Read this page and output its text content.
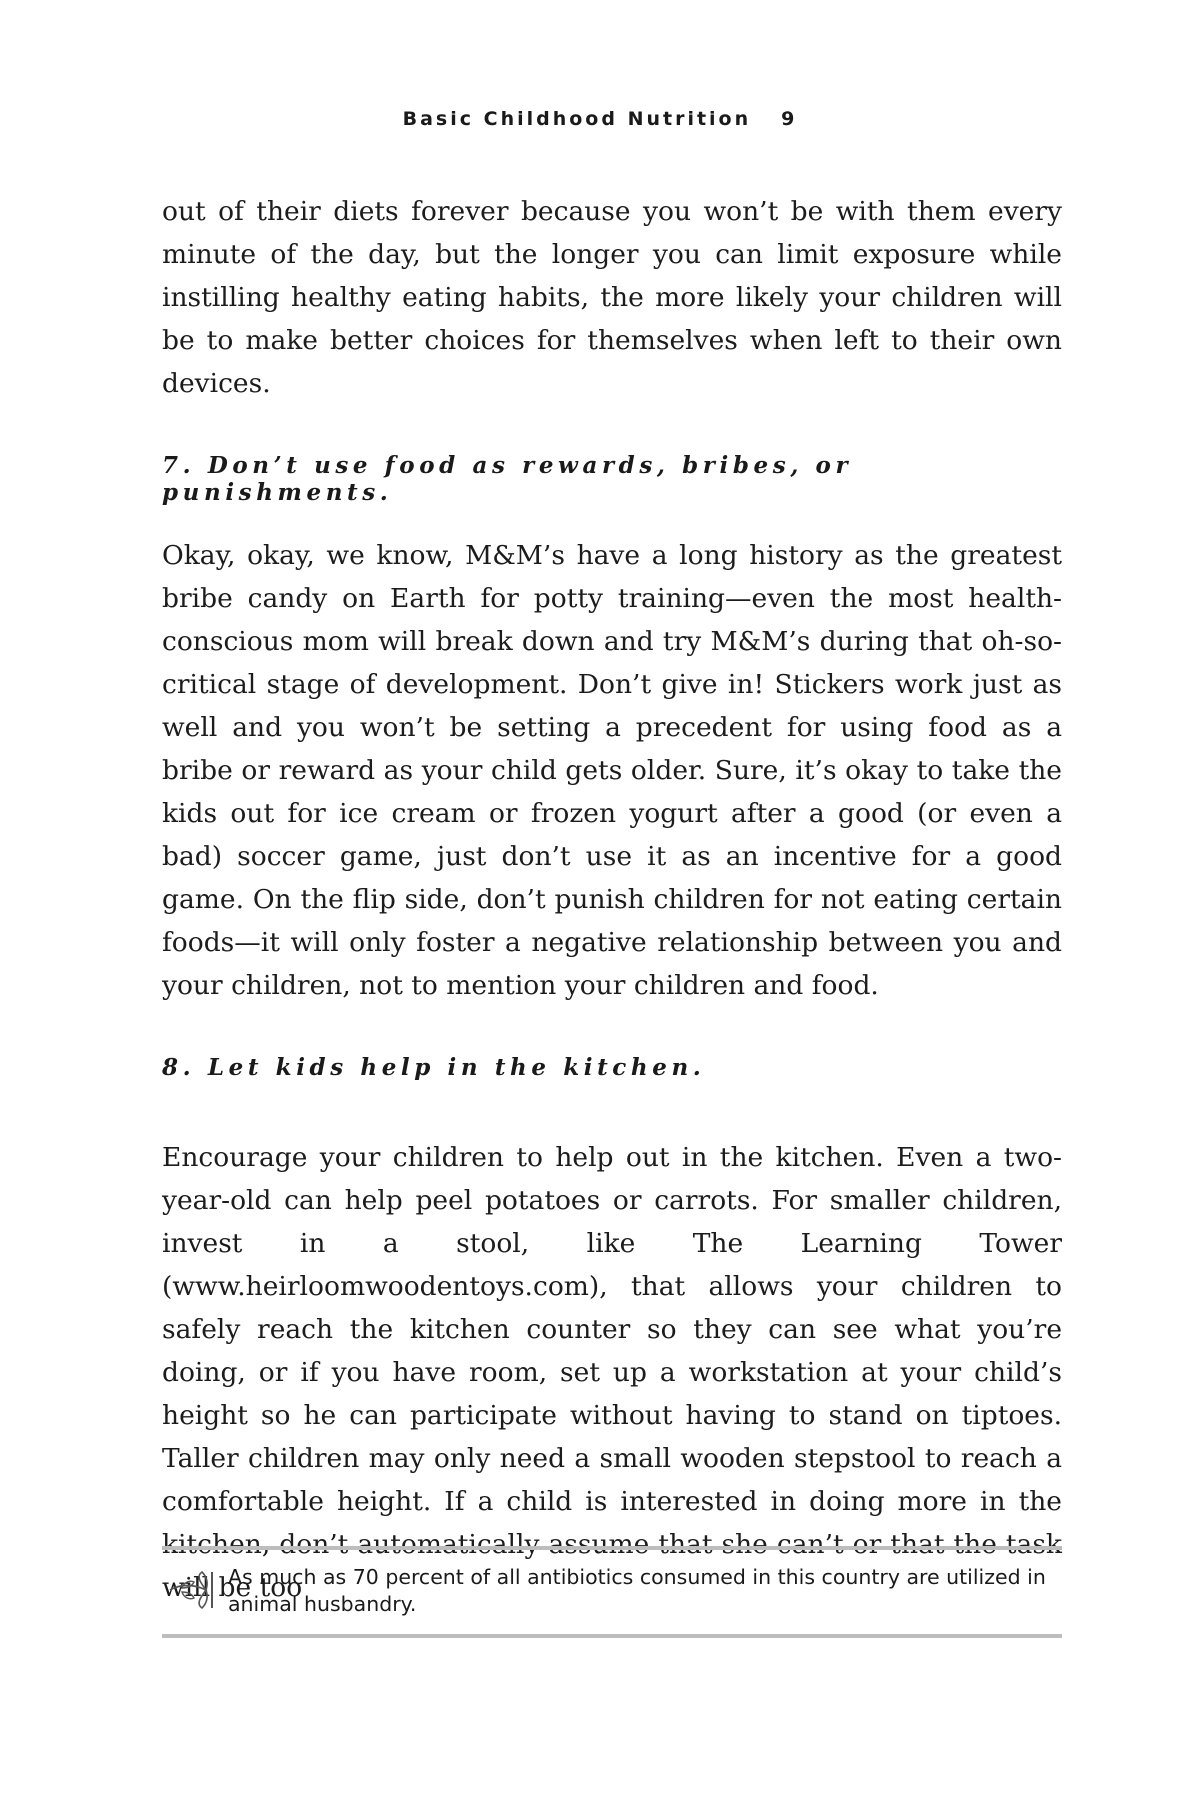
Basic Childhood Nutrition 9

out of their diets forever because you won’t be with them every minute of the day, but the longer you can limit exposure while instilling healthy eating habits, the more likely your children will be to make better choices for themselves when left to their own devices.

7. Don’t use food as rewards, bribes, or punishments.

Okay, okay, we know, M&M’s have a long history as the greatest bribe candy on Earth for potty training—even the most health-conscious mom will break down and try M&M’s during that oh-so-critical stage of development. Don’t give in! Stickers work just as well and you won’t be setting a precedent for using food as a bribe or reward as your child gets older. Sure, it’s okay to take the kids out for ice cream or frozen yogurt after a good (or even a bad) soccer game, just don’t use it as an incentive for a good game. On the flip side, don’t punish children for not eating certain foods—it will only foster a negative relationship between you and your children, not to mention your children and food.

8. Let kids help in the kitchen.

Encourage your children to help out in the kitchen. Even a two-year-old can help peel potatoes or carrots. For smaller children, invest in a stool, like The Learning Tower (www.heirloomwoodentoys.com), that allows your children to safely reach the kitchen counter so they can see what you’re doing, or if you have room, set up a workstation at your child’s height so he can participate without having to stand on tiptoes. Taller children may only need a small wooden stepstool to reach a comfortable height. If a child is interested in doing more in the kitchen, don’t automatically assume that she can’t or that the task will be too

As much as 70 percent of all antibiotics consumed in this country are utilized in animal husbandry.
